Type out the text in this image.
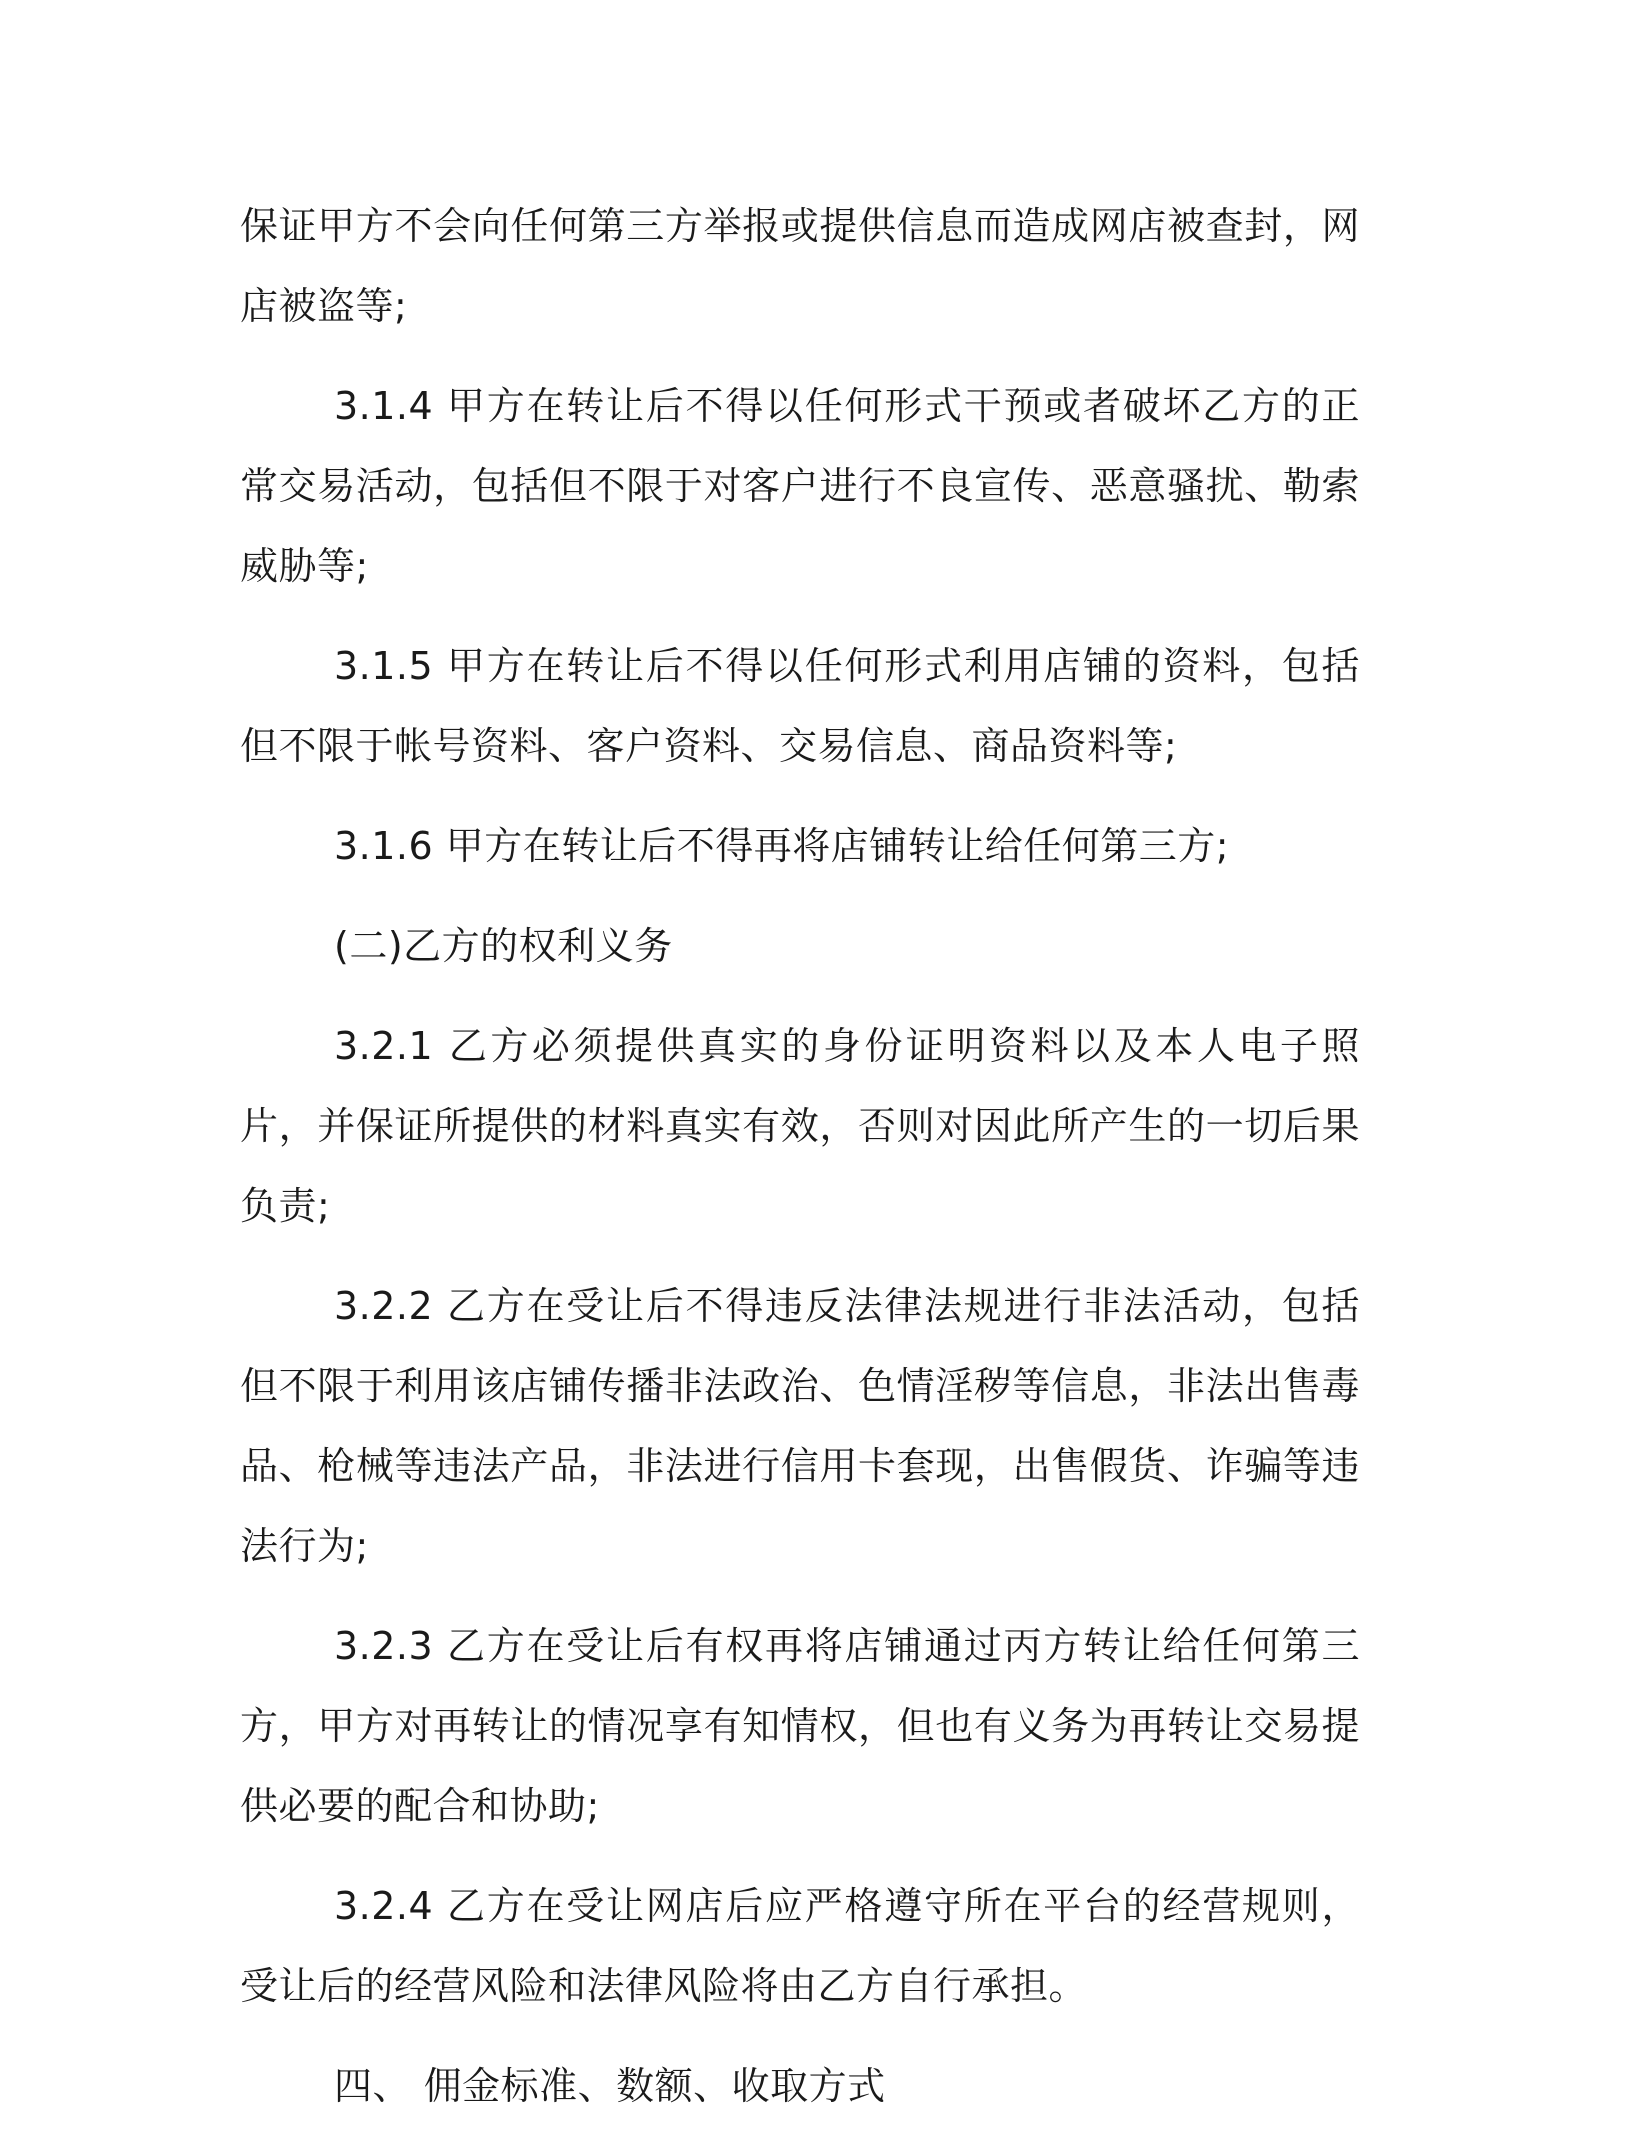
保证甲方不会向任何第三方举报或提供信息而造成网店被查封，网店被盗等;

3.1.4 甲方在转让后不得以任何形式干预或者破坏乙方的正常交易活动，包括但不限于对客户进行不良宣传、恶意骚扰、勒索威胁等;

3.1.5 甲方在转让后不得以任何形式利用店铺的资料，包括但不限于帐号资料、客户资料、交易信息、商品资料等;

3.1.6 甲方在转让后不得再将店铺转让给任何第三方;

(二)乙方的权利义务

3.2.1 乙方必须提供真实的身份证明资料以及本人电子照片，并保证所提供的材料真实有效，否则对因此所产生的一切后果负责;

3.2.2 乙方在受让后不得违反法律法规进行非法活动，包括但不限于利用该店铺传播非法政治、色情淫秽等信息，非法出售毒品、枪械等违法产品，非法进行信用卡套现，出售假货、诈骗等违法行为;

3.2.3 乙方在受让后有权再将店铺通过丙方转让给任何第三方，甲方对再转让的情况享有知情权，但也有义务为再转让交易提供必要的配合和协助;

3.2.4 乙方在受让网店后应严格遵守所在平台的经营规则，受让后的经营风险和法律风险将由乙方自行承担。

四、 佣金标准、数额、收取方式
